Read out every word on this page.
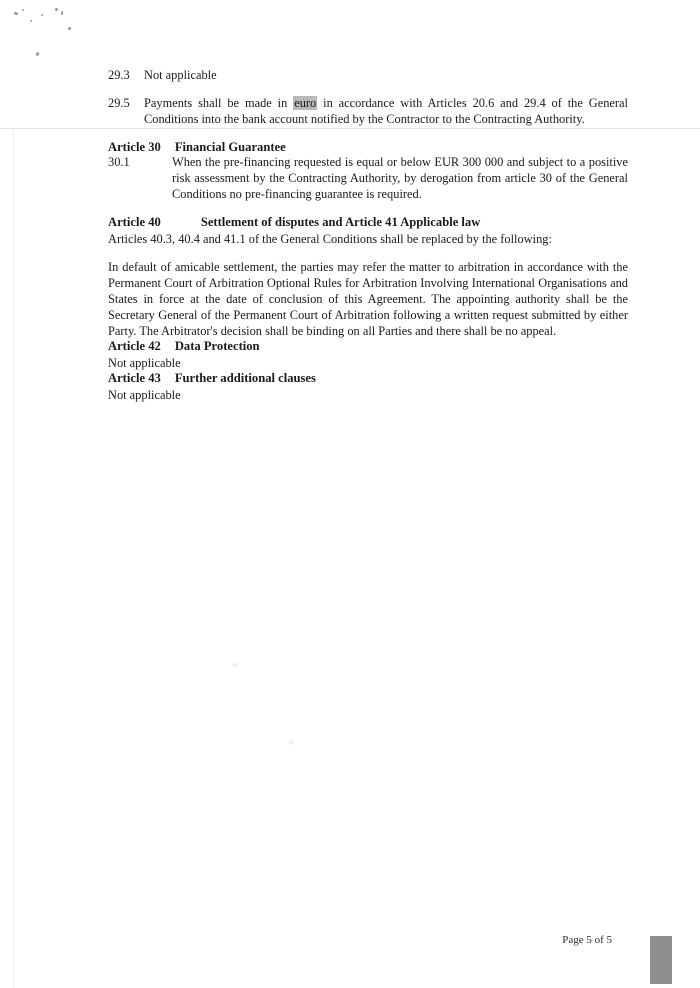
29.3	Not applicable
29.5	Payments shall be made in euro in accordance with Articles 20.6 and 29.4 of the General Conditions into the bank account notified by the Contractor to the Contracting Authority.
Article 30 Financial Guarantee
30.1	When the pre-financing requested is equal or below EUR 300 000 and subject to a positive risk assessment by the Contracting Authority, by derogation from article 30 of the General Conditions no pre-financing guarantee is required.
Article 40	Settlement of disputes and Article 41 Applicable law

Articles 40.3, 40.4 and 41.1 of the General Conditions shall be replaced by the following:

In default of amicable settlement, the parties may refer the matter to arbitration in accordance with the Permanent Court of Arbitration Optional Rules for Arbitration Involving International Organisations and States in force at the date of conclusion of this Agreement. The appointing authority shall be the Secretary General of the Permanent Court of Arbitration following a written request submitted by either Party. The Arbitrator's decision shall be binding on all Parties and there shall be no appeal.

Article 42 Data Protection

Not applicable

Article 43 Further additional clauses

Not applicable

Page 5 of 5
